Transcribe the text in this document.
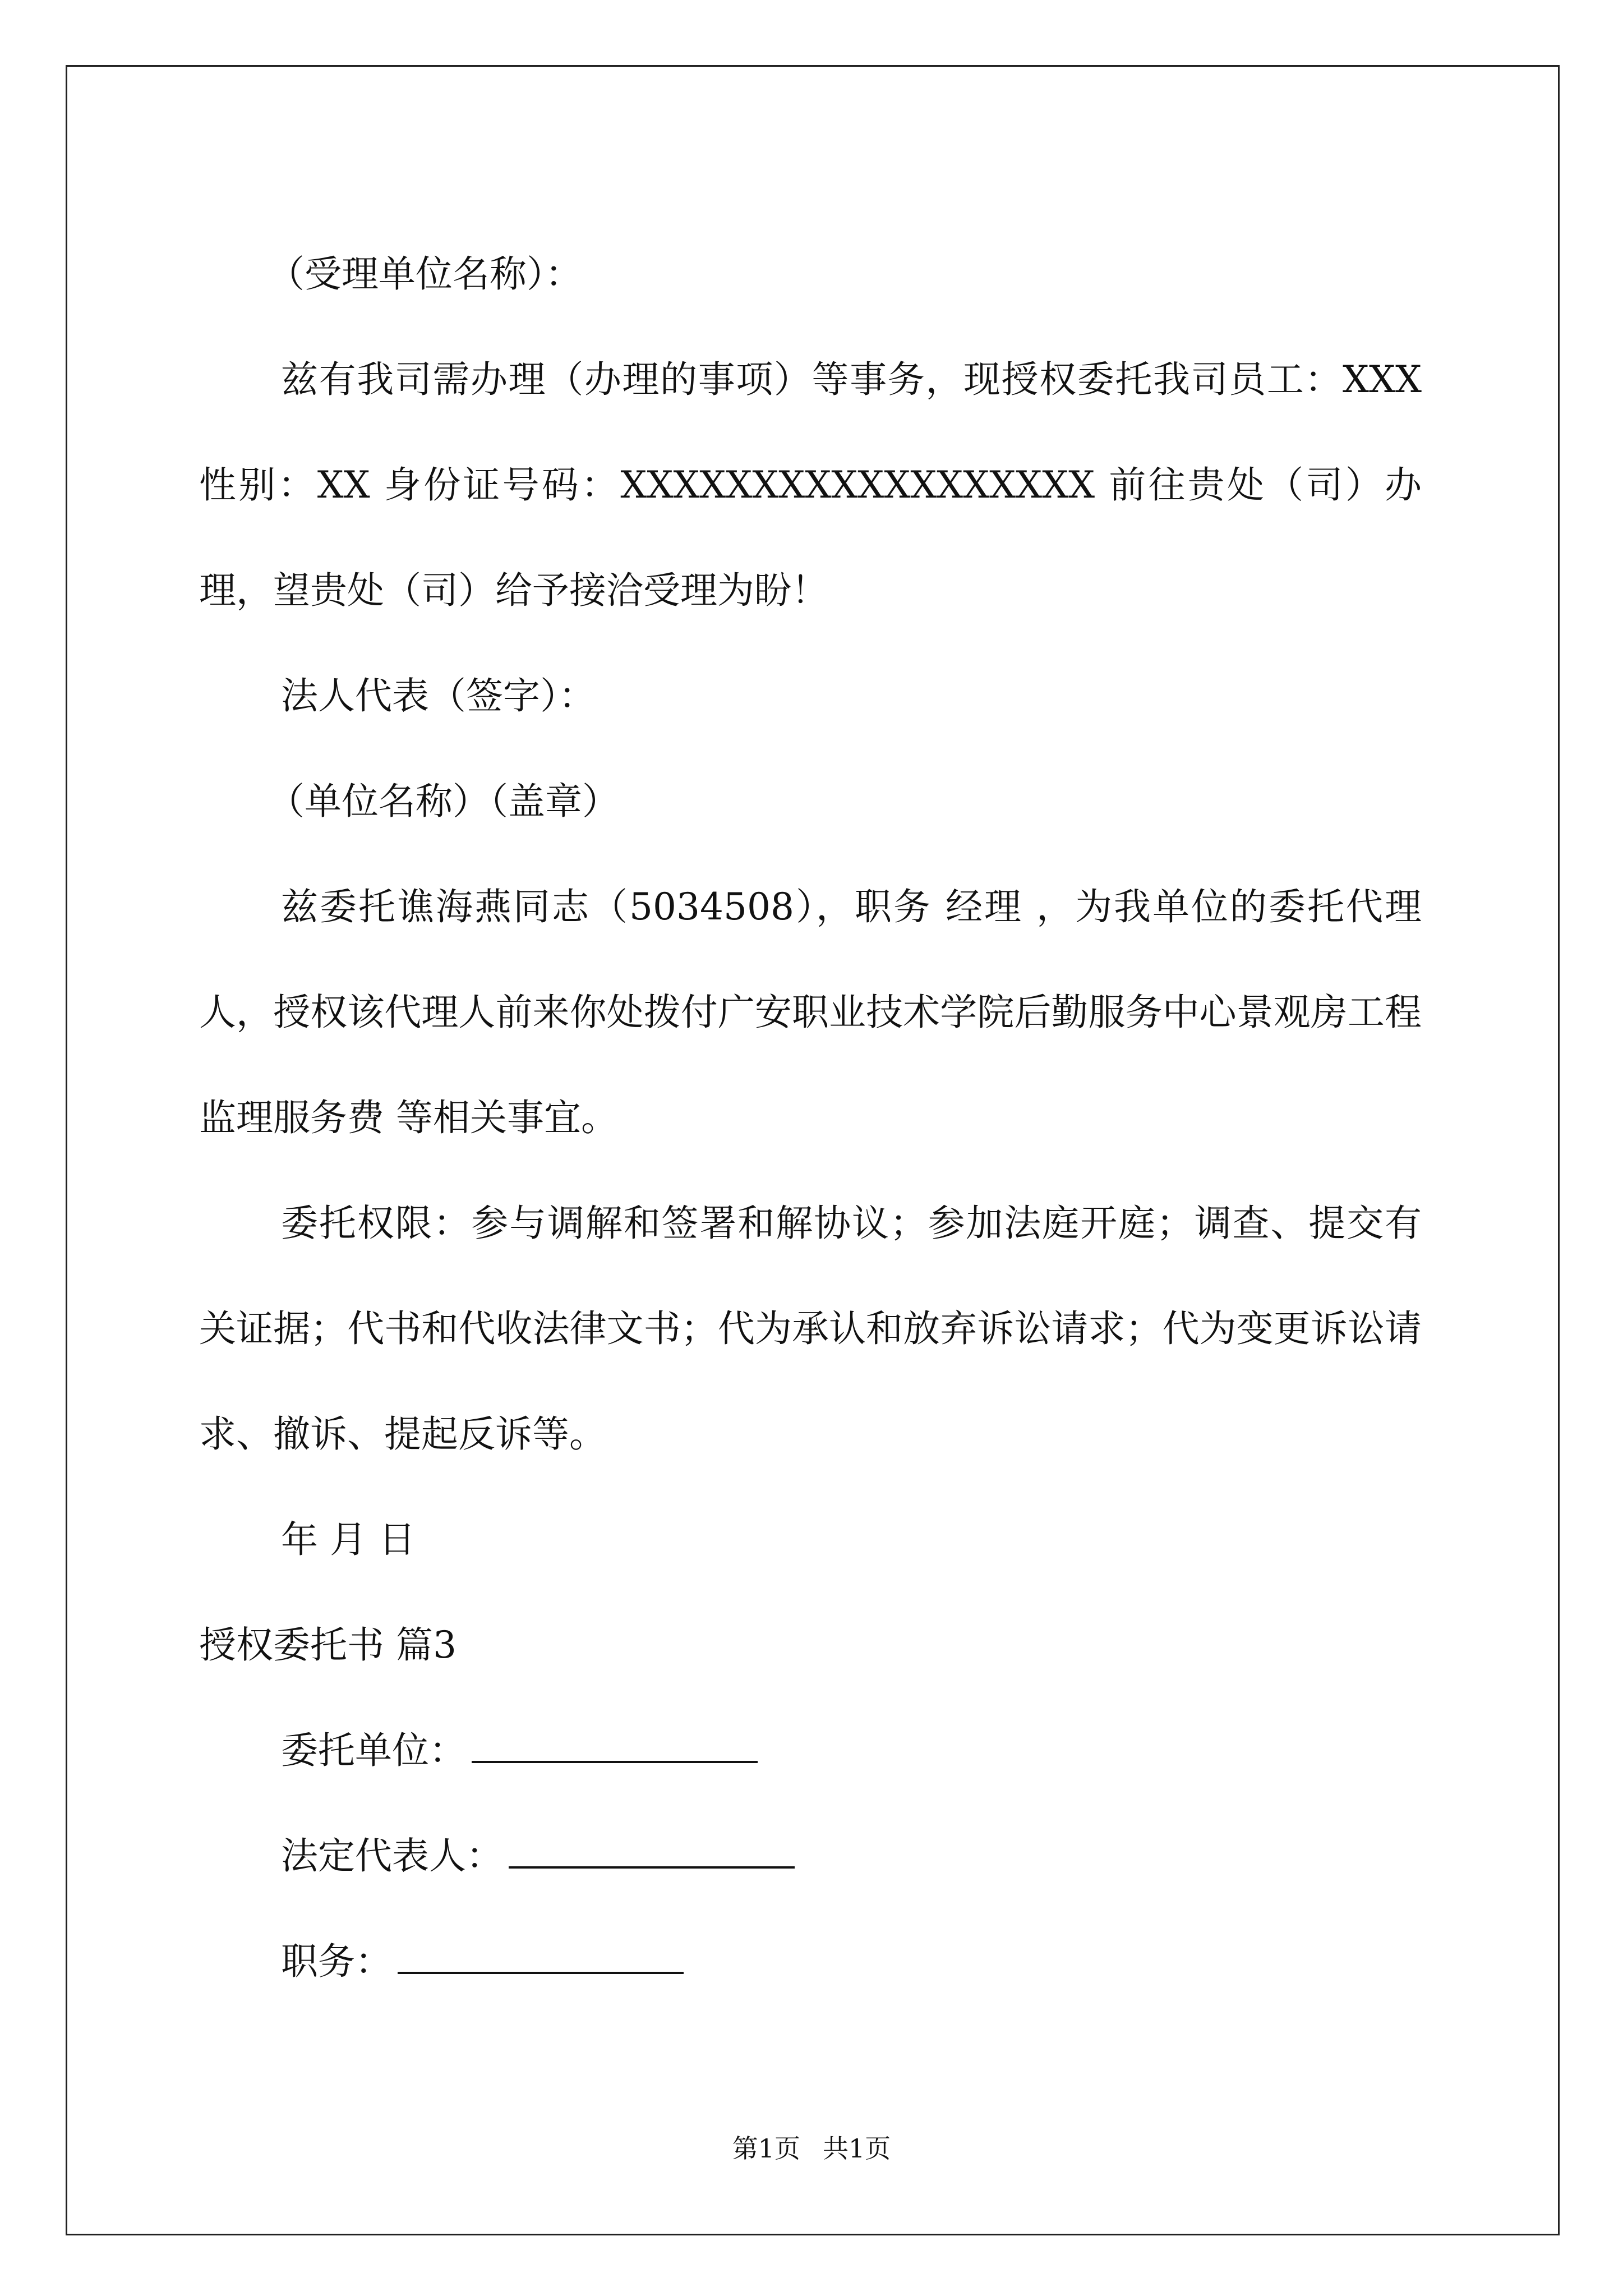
（受理单位名称）：

兹有我司需办理（办理的事项）等事务，现授权委托我司员工：XXX 性别：XX 身份证号码：XXXXXXXXXXXXXXXXXX 前往贵处（司）办理，望贵处（司）给予接洽受理为盼！

法人代表（签字）：

（单位名称）（盖章）

兹委托谯海燕同志（5034508），职务 经理 ，为我单位的委托代理人，授权该代理人前来你处拨付广安职业技术学院后勤服务中心景观房工程监理服务费 等相关事宜。

委托权限：参与调解和签署和解协议；参加法庭开庭；调查、提交有关证据；代书和代收法律文书；代为承认和放弃诉讼请求；代为变更诉讼请求、撤诉、提起反诉等。

年 月 日

授权委托书 篇3

委托单位：

法定代表人：

职务：

第1页 共1页
